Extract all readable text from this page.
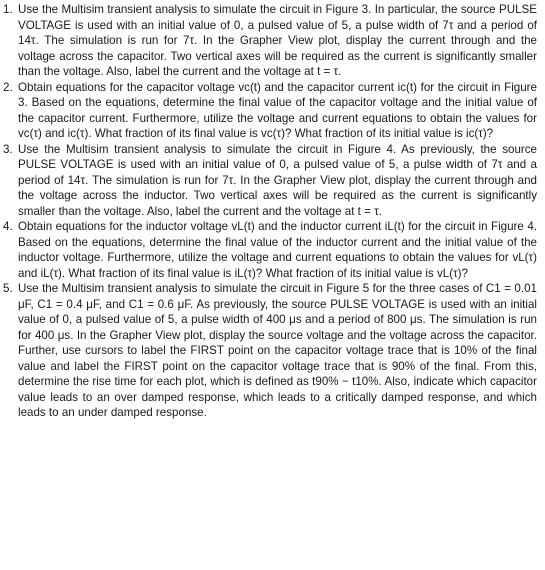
1. Use the Multisim transient analysis to simulate the circuit in Figure 3. In particular, the source PULSE VOLTAGE is used with an initial value of 0, a pulsed value of 5, a pulse width of 7τ and a period of 14τ. The simulation is run for 7τ. In the Grapher View plot, display the current through and the voltage across the capacitor. Two vertical axes will be required as the current is significantly smaller than the voltage. Also, label the current and the voltage at t = τ.
2. Obtain equations for the capacitor voltage vc(t) and the capacitor current ic(t) for the circuit in Figure 3. Based on the equations, determine the final value of the capacitor voltage and the initial value of the capacitor current. Furthermore, utilize the voltage and current equations to obtain the values for vc(τ) and ic(τ). What fraction of its final value is vc(τ)? What fraction of its initial value is ic(τ)?
3. Use the Multisim transient analysis to simulate the circuit in Figure 4. As previously, the source PULSE VOLTAGE is used with an initial value of 0, a pulsed value of 5, a pulse width of 7τ and a period of 14τ. The simulation is run for 7τ. In the Grapher View plot, display the current through and the voltage across the inductor. Two vertical axes will be required as the current is significantly smaller than the voltage. Also, label the current and the voltage at t = τ.
4. Obtain equations for the inductor voltage vL(t) and the inductor current iL(t) for the circuit in Figure 4. Based on the equations, determine the final value of the inductor current and the initial value of the inductor voltage. Furthermore, utilize the voltage and current equations to obtain the values for vL(τ) and iL(τ). What fraction of its final value is iL(τ)? What fraction of its initial value is vL(τ)?
5. Use the Multisim transient analysis to simulate the circuit in Figure 5 for the three cases of C1 = 0.01 μF, C1 = 0.4 μF, and C1 = 0.6 μF. As previously, the source PULSE VOLTAGE is used with an initial value of 0, a pulsed value of 5, a pulse width of 400 μs and a period of 800 μs. The simulation is run for 400 μs. In the Grapher View plot, display the source voltage and the voltage across the capacitor. Further, use cursors to label the FIRST point on the capacitor voltage trace that is 10% of the final value and label the FIRST point on the capacitor voltage trace that is 90% of the final. From this, determine the rise time for each plot, which is defined as t90% − t10%. Also, indicate which capacitor value leads to an over damped response, which leads to a critically damped response, and which leads to an under damped response.
